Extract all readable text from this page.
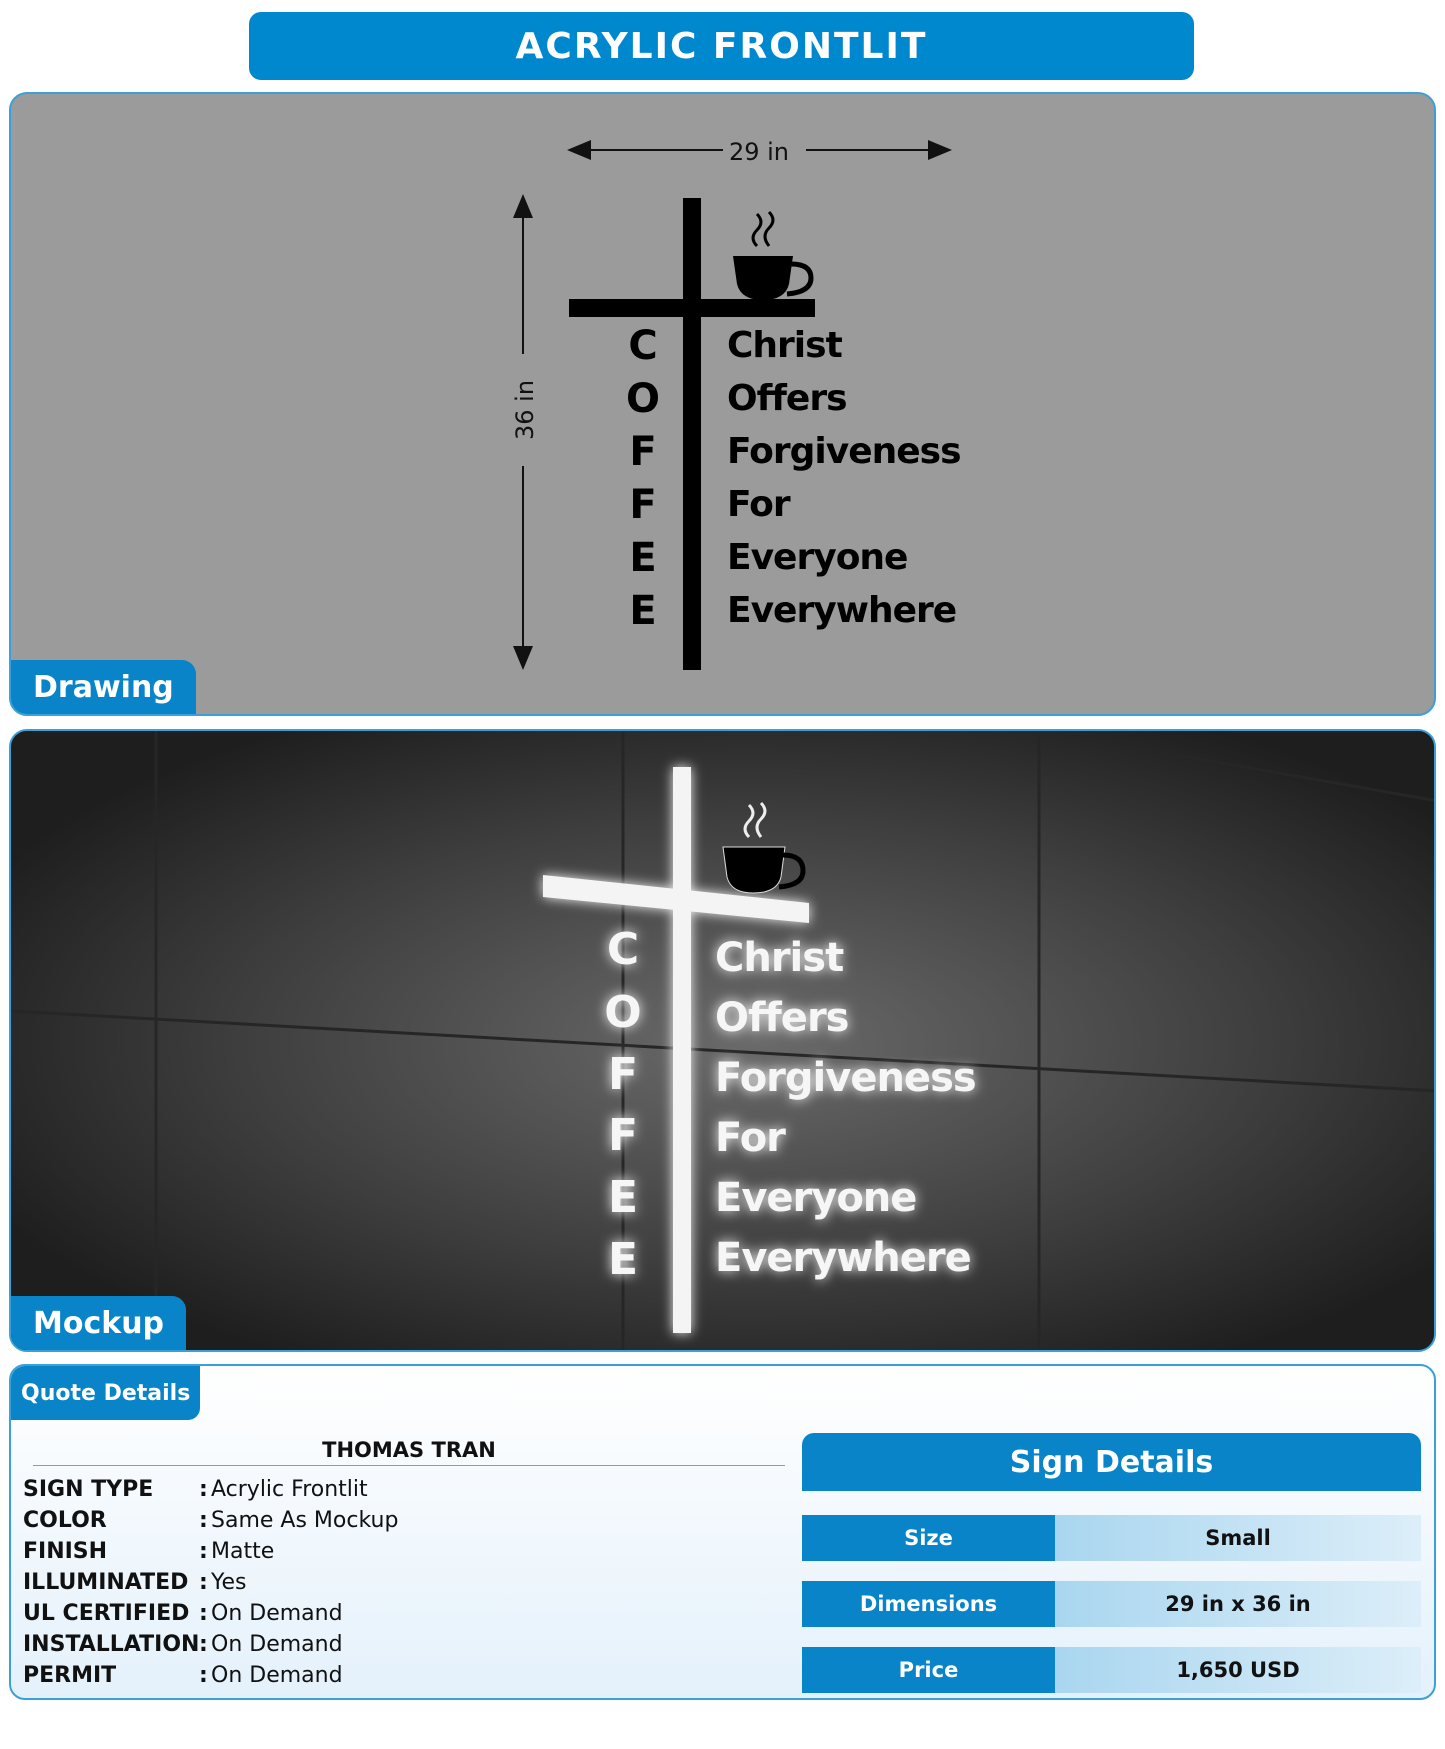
ACRYLIC FRONTLIT
29 in
36 in
C
O
F
F
E
E
Christ
Offers
Forgiveness
For
Everyone
Everywhere
Drawing
C
O
F
F
E
E
Christ
Offers
Forgiveness
For
Everyone
Everywhere
Mockup
Quote Details
THOMAS TRAN
SIGN TYPE	: Acrylic Frontlit
COLOR	: Same As Mockup
FINISH	: Matte
ILLUMINATED : Yes
UL CERTIFIED : On Demand
INSTALLATION : On Demand
PERMIT	: On Demand
Sign Details
Size	Small
Dimensions	29 in x 36 in
Price	1,650 USD
